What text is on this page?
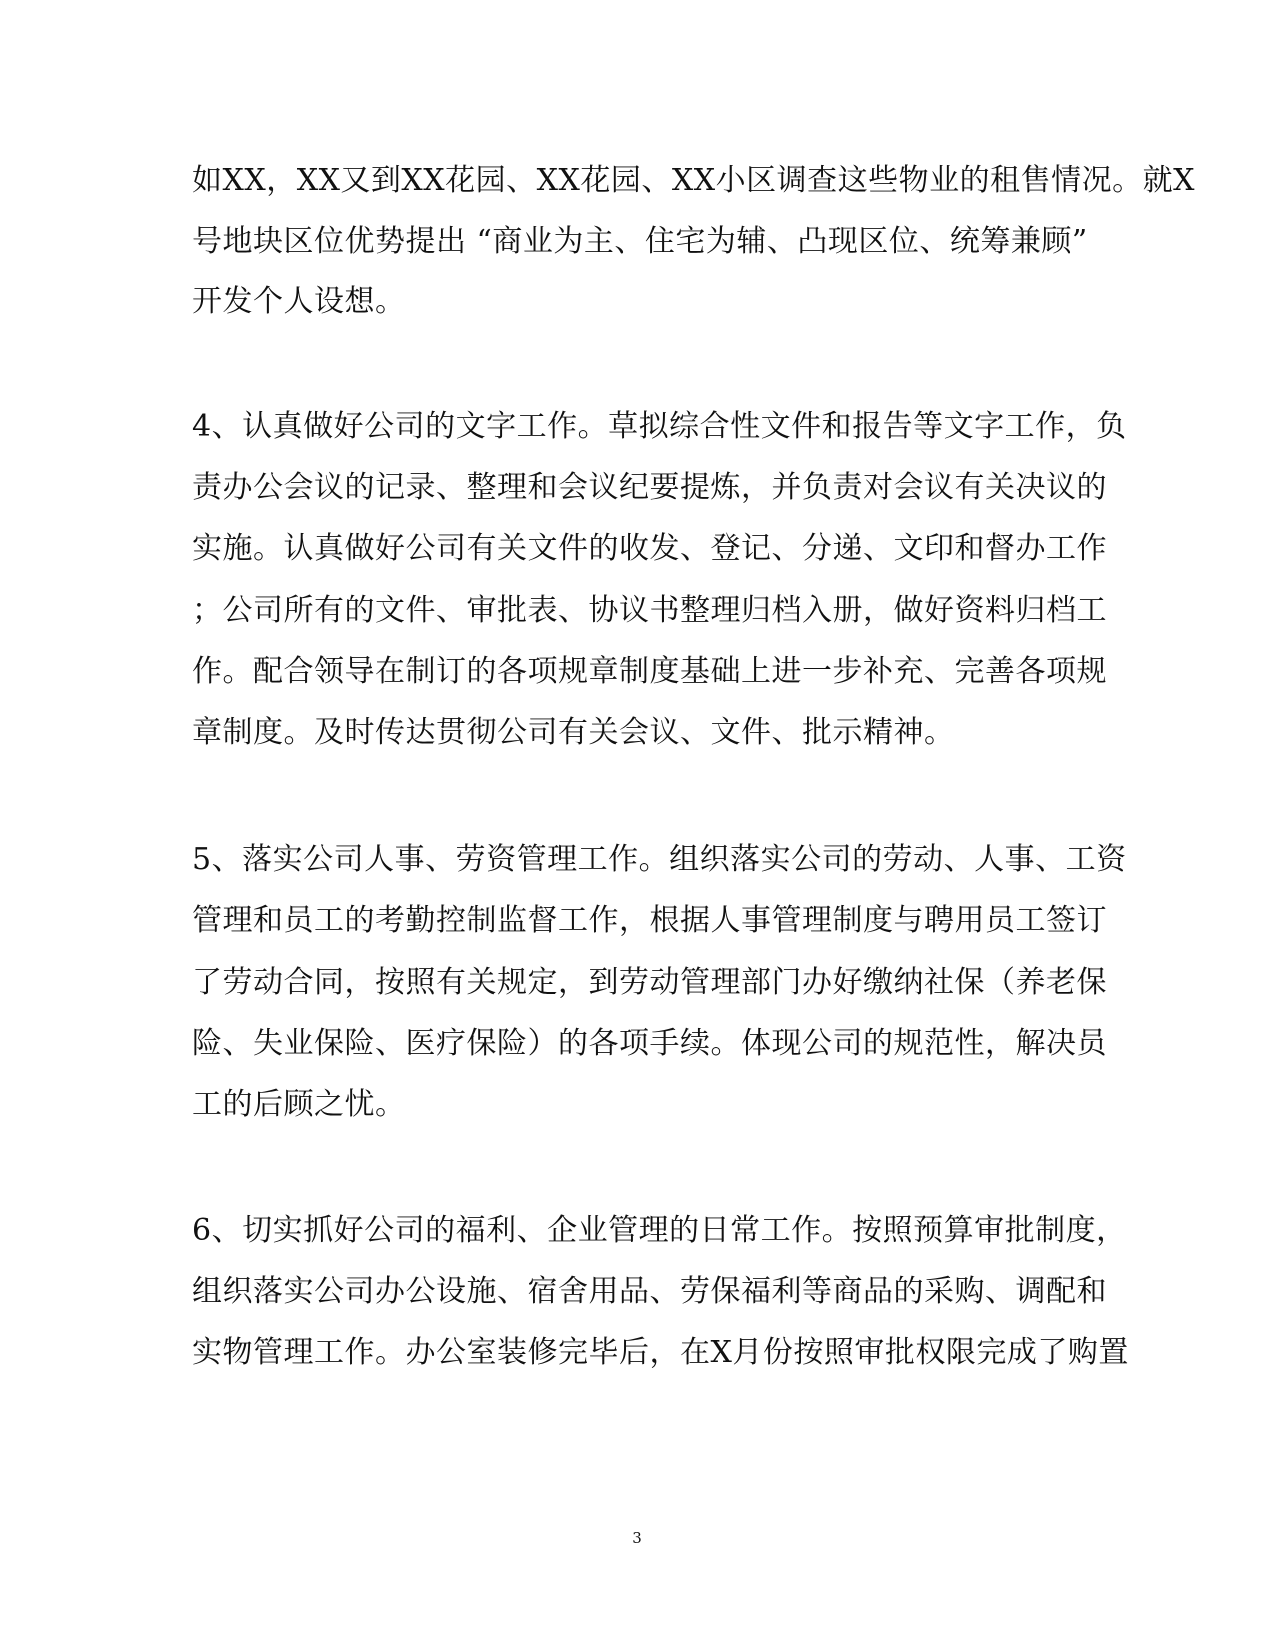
如XX，XX又到XX花园、XX花园、XX小区调查这些物业的租售情况。就X
号地块区位优势提出 “商业为主、住宅为辅、凸现区位、统筹兼顾”
开发个人设想。
4、认真做好公司的文字工作。草拟综合性文件和报告等文字工作，负
责办公会议的记录、整理和会议纪要提炼，并负责对会议有关决议的
实施。认真做好公司有关文件的收发、登记、分递、文印和督办工作
；公司所有的文件、审批表、协议书整理归档入册，做好资料归档工
作。配合领导在制订的各项规章制度基础上进一步补充、完善各项规
章制度。及时传达贯彻公司有关会议、文件、批示精神。
5、落实公司人事、劳资管理工作。组织落实公司的劳动、人事、工资
管理和员工的考勤控制监督工作，根据人事管理制度与聘用员工签订
了劳动合同，按照有关规定，到劳动管理部门办好缴纳社保（养老保
险、失业保险、医疗保险）的各项手续。体现公司的规范性，解决员
工的后顾之忧。
6、切实抓好公司的福利、企业管理的日常工作。按照预算审批制度，
组织落实公司办公设施、宿舍用品、劳保福利等商品的采购、调配和
实物管理工作。办公室装修完毕后，在X月份按照审批权限完成了购置
3
